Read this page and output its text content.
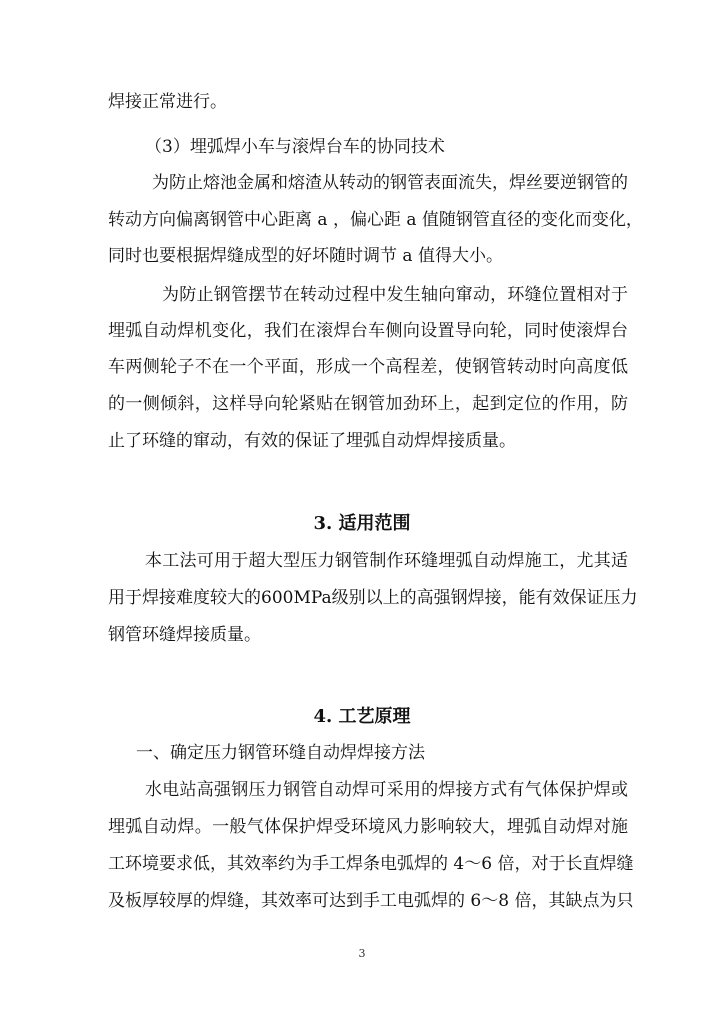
焊接正常进行。
（3）埋弧焊小车与滚焊台车的协同技术
为防止熔池金属和熔渣从转动的钢管表面流失，焊丝要逆钢管的
转动方向偏离钢管中心距离 a ，偏心距 a 值随钢管直径的变化而变化，
同时也要根据焊缝成型的好坏随时调节 a 值得大小。
为防止钢管摆节在转动过程中发生轴向窜动，环缝位置相对于
埋弧自动焊机变化，我们在滚焊台车侧向设置导向轮，同时使滚焊台
车两侧轮子不在一个平面，形成一个高程差，使钢管转动时向高度低
的一侧倾斜，这样导向轮紧贴在钢管加劲环上，起到定位的作用，防
止了环缝的窜动，有效的保证了埋弧自动焊焊接质量。
3. 适用范围
本工法可用于超大型压力钢管制作环缝埋弧自动焊施工，尤其适
用于焊接难度较大的600MPa级别以上的高强钢焊接，能有效保证压力
钢管环缝焊接质量。
4. 工艺原理
一、确定压力钢管环缝自动焊焊接方法
水电站高强钢压力钢管自动焊可采用的焊接方式有气体保护焊或
埋弧自动焊。一般气体保护焊受环境风力影响较大，埋弧自动焊对施
工环境要求低，其效率约为手工焊条电弧焊的 4～6 倍，对于长直焊缝
及板厚较厚的焊缝，其效率可达到手工电弧焊的 6～8 倍，其缺点为只
3
